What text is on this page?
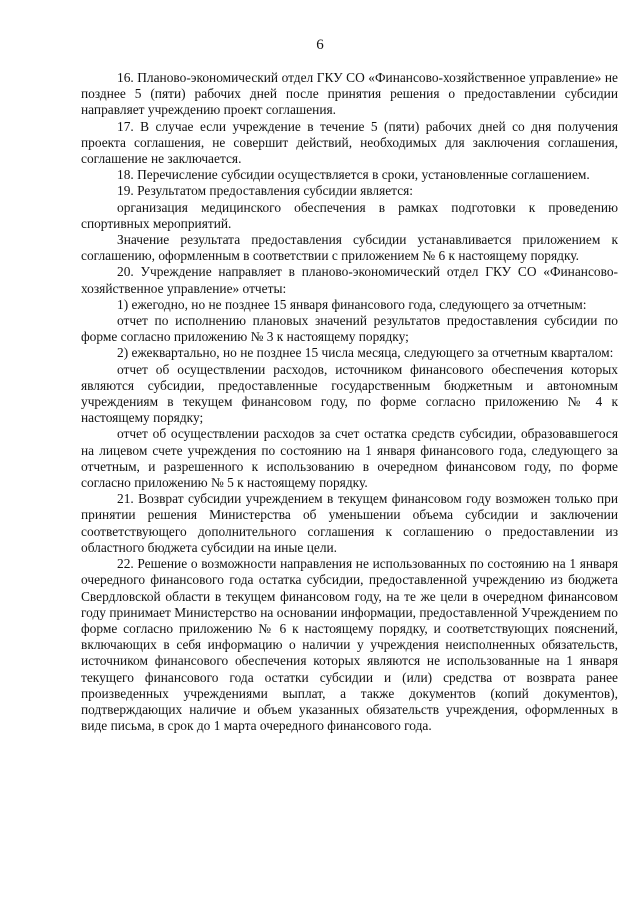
6

16. Планово-экономический отдел ГКУ СО «Финансово-хозяйственное управление» не позднее 5 (пяти) рабочих дней после принятия решения о предоставлении субсидии направляет учреждению проект соглашения.

17. В случае если учреждение в течение 5 (пяти) рабочих дней со дня получения проекта соглашения, не совершит действий, необходимых для заключения соглашения, соглашение не заключается.

18. Перечисление субсидии осуществляется в сроки, установленные соглашением.

19. Результатом предоставления субсидии является:

организация медицинского обеспечения в рамках подготовки к проведению спортивных мероприятий.

Значение результата предоставления субсидии устанавливается приложением к соглашению, оформленным в соответствии с приложением № 6 к настоящему порядку.

20. Учреждение направляет в планово-экономический отдел ГКУ СО «Финансово-хозяйственное управление» отчеты:

1) ежегодно, но не позднее 15 января финансового года, следующего за отчетным:

отчет по исполнению плановых значений результатов предоставления субсидии по форме согласно приложению № 3 к настоящему порядку;

2) ежеквартально, но не позднее 15 числа месяца, следующего за отчетным кварталом:

отчет об осуществлении расходов, источником финансового обеспечения которых являются субсидии, предоставленные государственным бюджетным и автономным учреждениям в текущем финансовом году, по форме согласно приложению № 4 к настоящему порядку;

отчет об осуществлении расходов за счет остатка средств субсидии, образовавшегося на лицевом счете учреждения по состоянию на 1 января финансового года, следующего за отчетным, и разрешенного к использованию в очередном финансовом году, по форме согласно приложению № 5 к настоящему порядку.

21. Возврат субсидии учреждением в текущем финансовом году возможен только при принятии решения Министерства об уменьшении объема субсидии и заключении соответствующего дополнительного соглашения к соглашению о предоставлении из областного бюджета субсидии на иные цели.

22. Решение о возможности направления не использованных по состоянию на 1 января очередного финансового года остатка субсидии, предоставленной учреждению из бюджета Свердловской области в текущем финансовом году, на те же цели в очередном финансовом году принимает Министерство на основании информации, предоставленной Учреждением по форме согласно приложению № 6 к настоящему порядку, и соответствующих пояснений, включающих в себя информацию о наличии у учреждения неисполненных обязательств, источником финансового обеспечения которых являются не использованные на 1 января текущего финансового года остатки субсидии и (или) средства от возврата ранее произведенных учреждениями выплат, а также документов (копий документов), подтверждающих наличие и объем указанных обязательств учреждения, оформленных в виде письма, в срок до 1 марта очередного финансового года.
